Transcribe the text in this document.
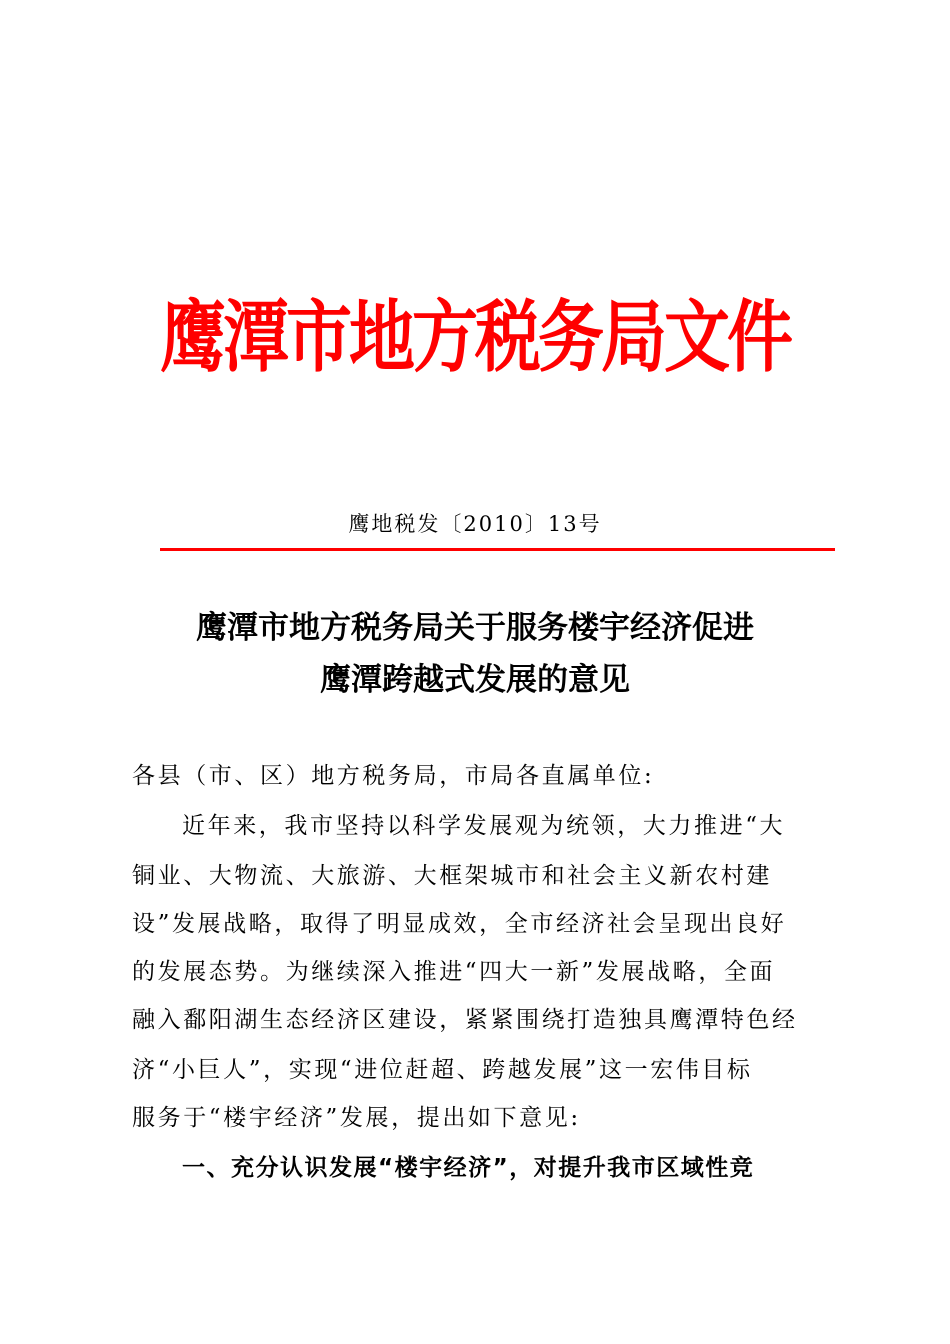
鹰潭市地方税务局文件
鹰地税发〔2010〕13号
鹰潭市地方税务局关于服务楼宇经济促进
鹰潭跨越式发展的意见
各县（市、区）地方税务局，市局各直属单位:
近年来，我市坚持以科学发展观为统领，大力推进“大
铜业、大物流、大旅游、大框架城市和社会主义新农村建
设”发展战略，取得了明显成效，全市经济社会呈现出良好
的发展态势。为继续深入推进“四大一新”发展战略，全面
融入鄱阳湖生态经济区建设，紧紧围绕打造独具鹰潭特色经
济“小巨人”，实现“进位赶超、跨越发展”这一宏伟目标
服务于“楼宇经济”发展，提出如下意见:
一、充分认识发展“楼宇经济”，对提升我市区域性竞
